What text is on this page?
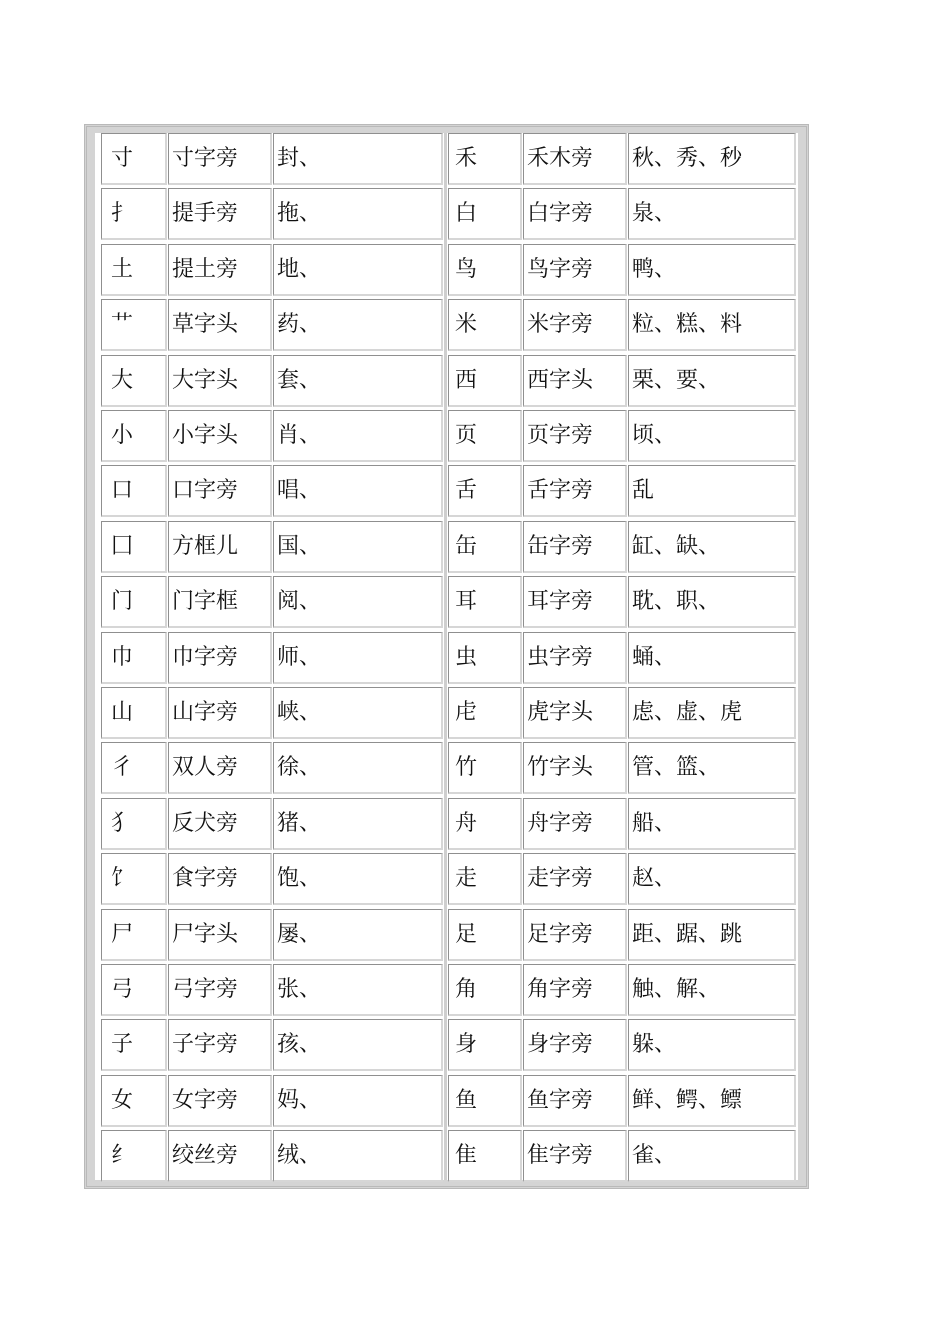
寸	寸字旁	封、	禾	禾木旁	秋、秀、秒
扌	提手旁	拖、	白	白字旁	泉、
土	提土旁	地、	鸟	鸟字旁	鸭、
艹	草字头	药、	米	米字旁	粒、糕、料
大	大字头	套、	西	西字头	栗、要、
小	小字头	肖、	页	页字旁	顷、
口	口字旁	唱、	舌	舌字旁	乱
囗	方框儿	国、	缶	缶字旁	缸、缺、
门	门字框	阅、	耳	耳字旁	耽、职、
巾	巾字旁	师、	虫	虫字旁	蛹、
山	山字旁	峡、	虍	虎字头	虑、虚、虎
彳	双人旁	徐、	竹	竹字头	管、篮、
犭	反犬旁	猪、	舟	舟字旁	船、
饣	食字旁	饱、	走	走字旁	赵、
尸	尸字头	屡、	足	足字旁	距、踞、跳
弓	弓字旁	张、	角	角字旁	触、解、
子	子字旁	孩、	身	身字旁	躲、
女	女字旁	妈、	鱼	鱼字旁	鲜、鳄、鳔
纟	绞丝旁	绒、	隹	隹字旁	雀、
